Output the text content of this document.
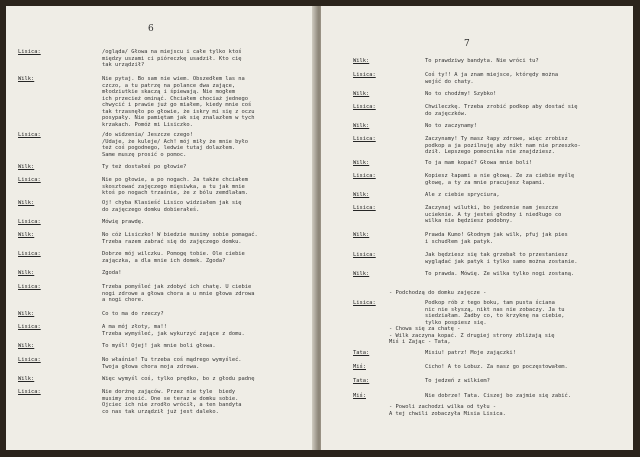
6
Lisica:	/ogląda/ Głowa na miejscu i całe tylko ktoś
między uszami ci pióreczkę usadził. Kto cię
tak urządził?
Wilk:	Nie pytaj. Bo sam nie wiem. Obszedłem las na
czczo, a tu patrzę na polance dwa zające,
młodziutkie skaczą i śpiewają. Nie mogłem
ich przecież ominąć. Chciałem chociaż jednego
chwycić i prawie już go miałem, kiedy mnie coś
tak trzasnęło po głowie, że iskry mi się z oczu
posypały. Nie pamiętam jak się znalazłem w tych
krzakach. Pomóż mi Lisiczko.
Lisica:	/do widzenia/ Jeszcze czego!
/Udaje, że kuleje/ Ach! mój miły że mnie było
też coś pogodnego, ledwie tutaj dolazłem.
Same muszę prosić o pomoc.
Wilk:	Ty też dostałeś po głowie?
Lisica:	Nie po głowie, a po nogach. Ja także chciałem
skosztować zajęczego mięsiwka, a tu jak mnie
ktoś po nogach trzaśnie, że z bólu zemdlałam.
Wilk:	Oj! chyba Klasieść Lisico widziałem jak się
do zajęczego domku dobierałeś.
Lisica:	Mówię prawdę.
Wilk:	No cóż Lisiczko! W biedzie musimy sobie pomagać.
Trzeba razem zabrać się do zajęczego domku.
Lisica:	Dobrze mój wilczku. Pomogę tobie. Ole ciebie
zajączka, a dla mnie ich domek. Zgoda?
Wilk:	Zgoda!
Lisica:	Trzeba pomyśleć jak zdobyć ich chatę. U ciebie
nogi zdrowe a głowa chora a u mnie głowa zdrowa
a nogi chore.
Wilk:	Co to ma do rzeczy?
Lisica:	A ma mój złoty, ma!!
Trzeba wymyśleć, jak wykurzyć zające z domu.
Wilk:	To myśl! Ojej! jak mnie boli głowa.
Lisica:	No właśnie! Tu trzeba coś mądrego wymyśleć.
Twoja głowa chora moja zdrowa.
Wilk:	Więc wymyśl coś, tylko prędko, bo z głodu padnę
Lisica:	Nie dorżnę zająców. Przez nie tyle  biedy
musimy znosić. One se teraz w domku sobie.
Ojciec ich nie zrodło wrócił, a ten bandyta
co nas tak urządził już jest daleko.
7
Wilk:	To prawdziwy bandyta. Nie wróci tu?
Lisica:	Coś ty!! A ja znam miejsce, którędy można
wejść do chaty.
Wilk:	No to chodźmy! Szybko!
Lisica:	Chwileczkę. Trzeba zrobić podkop aby dostać się
do zajęczków.
Wilk:	No to zaczynamy!
Lisica:	Zaczynamy! Ty masz łapy zdrowe, więc zrobisz
podkop a ja pozilnuję aby nikt nam nie przeszko-
dził. Lepszego pomocnika nie znajdziesz.
Wilk:	To ja mam kopać? Głowa mnie boli!
Lisica:	Kopiesz łapami a nie głową. Ze za ciebie myślę
głowę, a ty za mnie pracujesz łapami.
Wilk:	Ale z ciebie spryciura,
Lisica:	Zaczynaj wilutki, bo jedzenie nam jeszcze
ucieknie. A ty jesteś głodny i niedługo co
wilka nie będziesz podobny.
Wilk:	Prawda Kumo! Głodnym jak wilk, pfuj jak pies
i schudłem jak patyk.
Lisica:	Jak będziesz się tak grzebał to przestaniesz
wyglądać jak patyk i tylko samo można zostanie.
Wilk:	To prawda. Mówię. Ze wilka tylko nogi zostaną.
- Podchodzą do domku zajęcze -
Lisica:	Podkop rób z tego boku, tam pusta ściana
nic nie słyszą, nikt nas nie zobaczy. Ja tu
siedziałam. Żadby co, to krzyknę na ciebie,
tylko pospiesz się.
- Chowa się za chatę -
- Wilk zaczyna kopać. Z drugiej strony zbliżają się
Miś i Zając - Tata,
Tata:	Misiu! patrz! Moje zajączki!
Miś:	Cicho! A to Lobuz. Za nasz go poczęstowałem.
Tata:	To jedzeń z wilkiem?
Miś:	Nie dobrze! Tata. Ciszej bo zajmie się zabić.
- Powoli zachodzi wilka od tyłu -
A tej chwili zobaczyła Misia Lisica.
